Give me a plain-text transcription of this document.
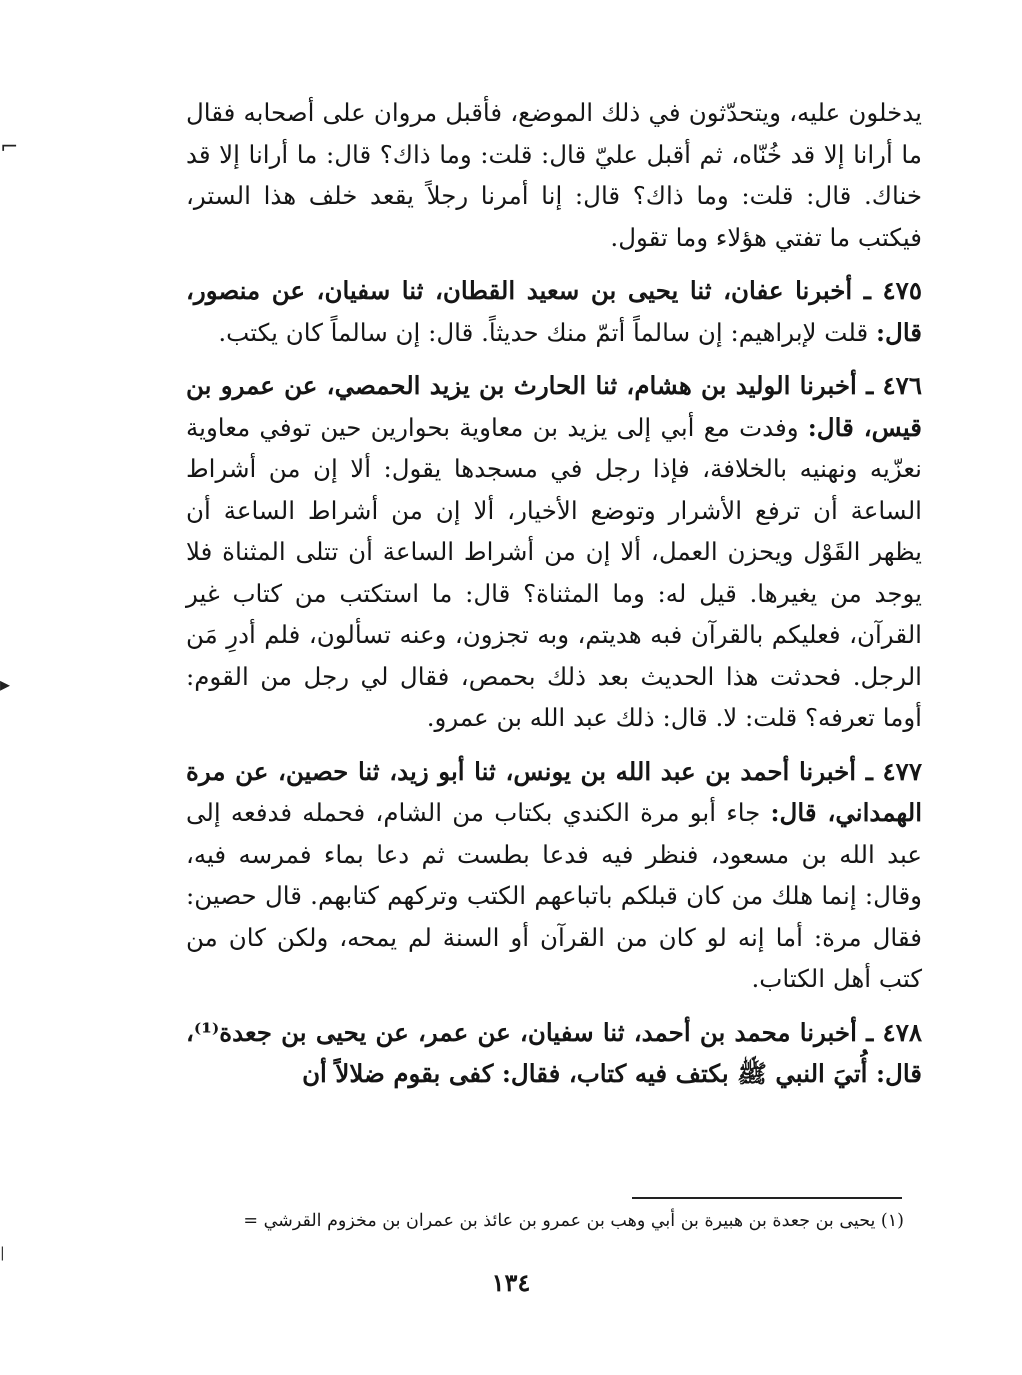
⌐
▸
|

يدخلون عليه، ويتحدّثون في ذلك الموضع، فأقبل مروان على أصحابه فقال ما أرانا إلا قد خُنّاه، ثم أقبل عليّ قال: قلت: وما ذاك؟ قال: ما أرانا إلا قد خناك. قال: قلت: وما ذاك؟ قال: إنا أمرنا رجلاً يقعد خلف هذا الستر، فيكتب ما تفتي هؤلاء وما تقول.

٤٧٥ ـ أخبرنا عفان، ثنا يحيى بن سعيد القطان، ثنا سفيان، عن منصور، قال: قلت لإبراهيم: إن سالماً أتمّ منك حديثاً. قال: إن سالماً كان يكتب.

٤٧٦ ـ أخبرنا الوليد بن هشام، ثنا الحارث بن يزيد الحمصي، عن عمرو بن قيس، قال: وفدت مع أبي إلى يزيد بن معاوية بحوارين حين توفي معاوية نعزّيه ونهنيه بالخلافة، فإذا رجل في مسجدها يقول: ألا إن من أشراط الساعة أن ترفع الأشرار وتوضع الأخيار، ألا إن من أشراط الساعة أن يظهر القَوْل ويحزن العمل، ألا إن من أشراط الساعة أن تتلى المثناة فلا يوجد من يغيرها. قيل له: وما المثناة؟ قال: ما استكتب من كتاب غير القرآن، فعليكم بالقرآن فبه هديتم، وبه تجزون، وعنه تسألون، فلم أدرِ مَن الرجل. فحدثت هذا الحديث بعد ذلك بحمص، فقال لي رجل من القوم: أوما تعرفه؟ قلت: لا. قال: ذلك عبد الله بن عمرو.

٤٧٧ ـ أخبرنا أحمد بن عبد الله بن يونس، ثنا أبو زيد، ثنا حصين، عن مرة الهمداني، قال: جاء أبو مرة الكندي بكتاب من الشام، فحمله فدفعه إلى عبد الله بن مسعود، فنظر فيه فدعا بطست ثم دعا بماء فمرسه فيه، وقال: إنما هلك من كان قبلكم باتباعهم الكتب وتركهم كتابهم. قال حصين: فقال مرة: أما إنه لو كان من القرآن أو السنة لم يمحه، ولكن كان من كتب أهل الكتاب.

٤٧٨ ـ أخبرنا محمد بن أحمد، ثنا سفيان، عن عمر، عن يحيى بن جعدة⁽¹⁾، قال: أُتيَ النبي ﷺ بكتف فيه كتاب، فقال: كفى بقوم ضلالاً أن

(١) يحيى بن جعدة بن هبيرة بن أبي وهب بن عمرو بن عائذ بن عمران بن مخزوم القرشي =
١٣٤
